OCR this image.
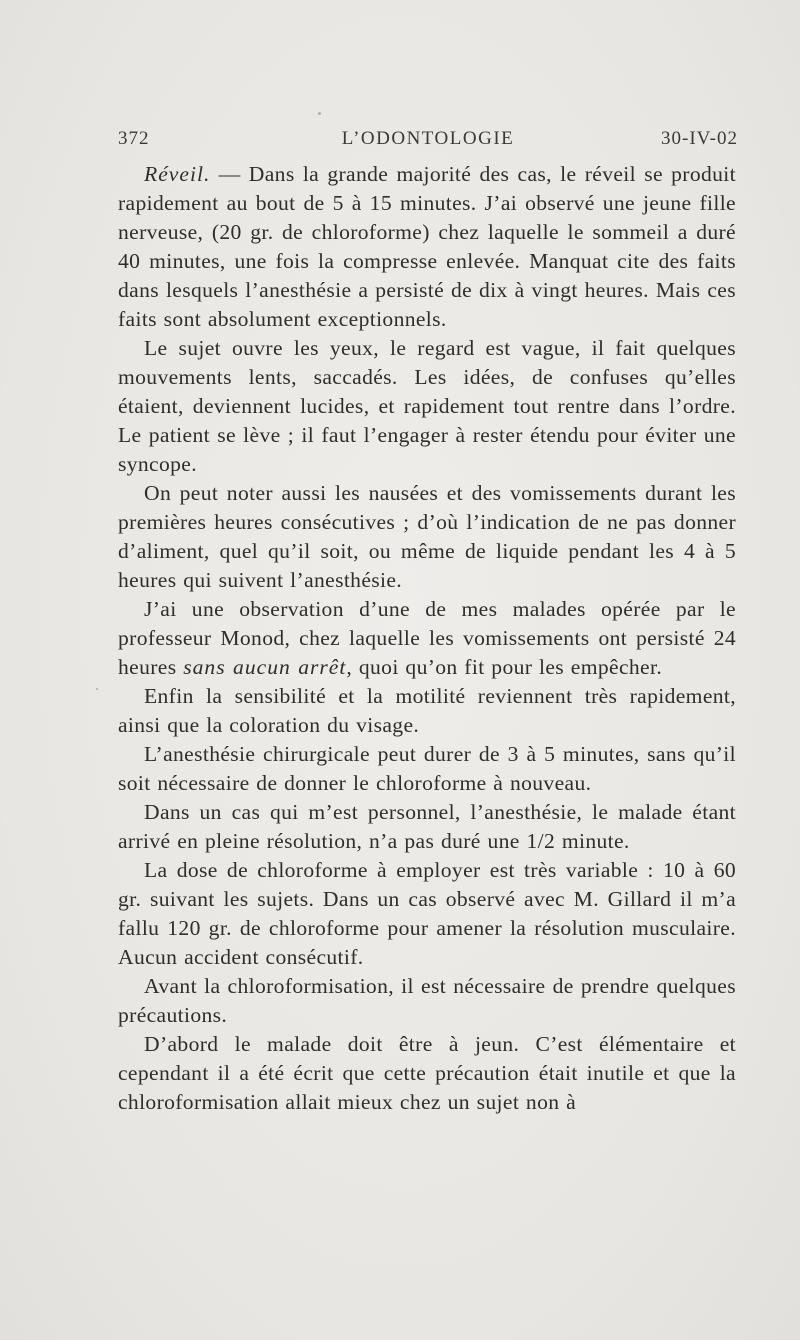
372	L’ODONTOLOGIE	30-IV-02

Réveil. — Dans la grande majorité des cas, le réveil se produit rapidement au bout de 5 à 15 minutes. J’ai observé une jeune fille nerveuse, (20 gr. de chloroforme) chez laquelle le sommeil a duré 40 minutes, une fois la compresse enlevée. Manquat cite des faits dans lesquels l’anesthésie a persisté de dix à vingt heures. Mais ces faits sont absolument exceptionnels.

Le sujet ouvre les yeux, le regard est vague, il fait quelques mouvements lents, saccadés. Les idées, de confuses qu’elles étaient, deviennent lucides, et rapidement tout rentre dans l’ordre. Le patient se lève ; il faut l’engager à rester étendu pour éviter une syncope.

On peut noter aussi les nausées et des vomissements durant les premières heures consécutives ; d’où l’indication de ne pas donner d’aliment, quel qu’il soit, ou même de liquide pendant les 4 à 5 heures qui suivent l’anesthésie.

J’ai une observation d’une de mes malades opérée par le professeur Monod, chez laquelle les vomissements ont persisté 24 heures sans aucun arrêt, quoi qu’on fit pour les empêcher.

Enfin la sensibilité et la motilité reviennent très rapidement, ainsi que la coloration du visage.

L’anesthésie chirurgicale peut durer de 3 à 5 minutes, sans qu’il soit nécessaire de donner le chloroforme à nouveau.

Dans un cas qui m’est personnel, l’anesthésie, le malade étant arrivé en pleine résolution, n’a pas duré une 1/2 minute.

La dose de chloroforme à employer est très variable : 10 à 60 gr. suivant les sujets. Dans un cas observé avec M. Gillard il m’a fallu 120 gr. de chloroforme pour amener la résolution musculaire. Aucun accident consécutif.

Avant la chloroformisation, il est nécessaire de prendre quelques précautions.

D’abord le malade doit être à jeun. C’est élémentaire et cependant il a été écrit que cette précaution était inutile et que la chloroformisation allait mieux chez un sujet non à
